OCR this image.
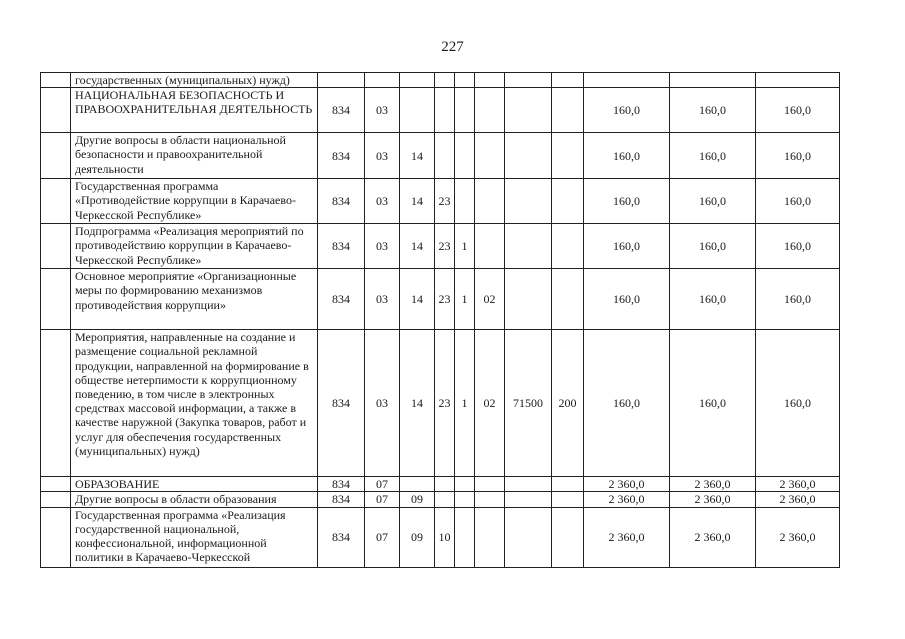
227
	государственных (муниципальных) нужд)											
	НАЦИОНАЛЬНАЯ БЕЗОПАСНОСТЬ И ПРАВООХРАНИТЕЛЬНАЯ ДЕЯТЕЛЬНОСТЬ	834	03							160,0	160,0	160,0
	Другие вопросы в области национальной безопасности и правоохранительной деятельности	834	03	14						160,0	160,0	160,0
	Государственная программа «Противодействие коррупции в Карачаево-Черкесской Республике»	834	03	14	23					160,0	160,0	160,0
	Подпрограмма «Реализация мероприятий по противодействию коррупции в Карачаево-Черкесской Республике»	834	03	14	23	1				160,0	160,0	160,0
	Основное мероприятие «Организационные меры по формированию механизмов противодействия коррупции»	834	03	14	23	1	02			160,0	160,0	160,0
	Мероприятия, направленные на создание и размещение социальной рекламной продукции, направленной на формирование в обществе нетерпимости к коррупционному поведению, в том числе в электронных средствах массовой информации, а также в качестве наружной (Закупка товаров, работ и услуг для обеспечения государственных (муниципальных) нужд)	834	03	14	23	1	02	71500	200	160,0	160,0	160,0
	ОБРАЗОВАНИЕ	834	07							2 360,0	2 360,0	2 360,0
	Другие вопросы в области образования	834	07	09						2 360,0	2 360,0	2 360,0
	Государственная программа «Реализация государственной национальной, конфессиональной, информационной политики в Карачаево-Черкесской	834	07	09	10					2 360,0	2 360,0	2 360,0
